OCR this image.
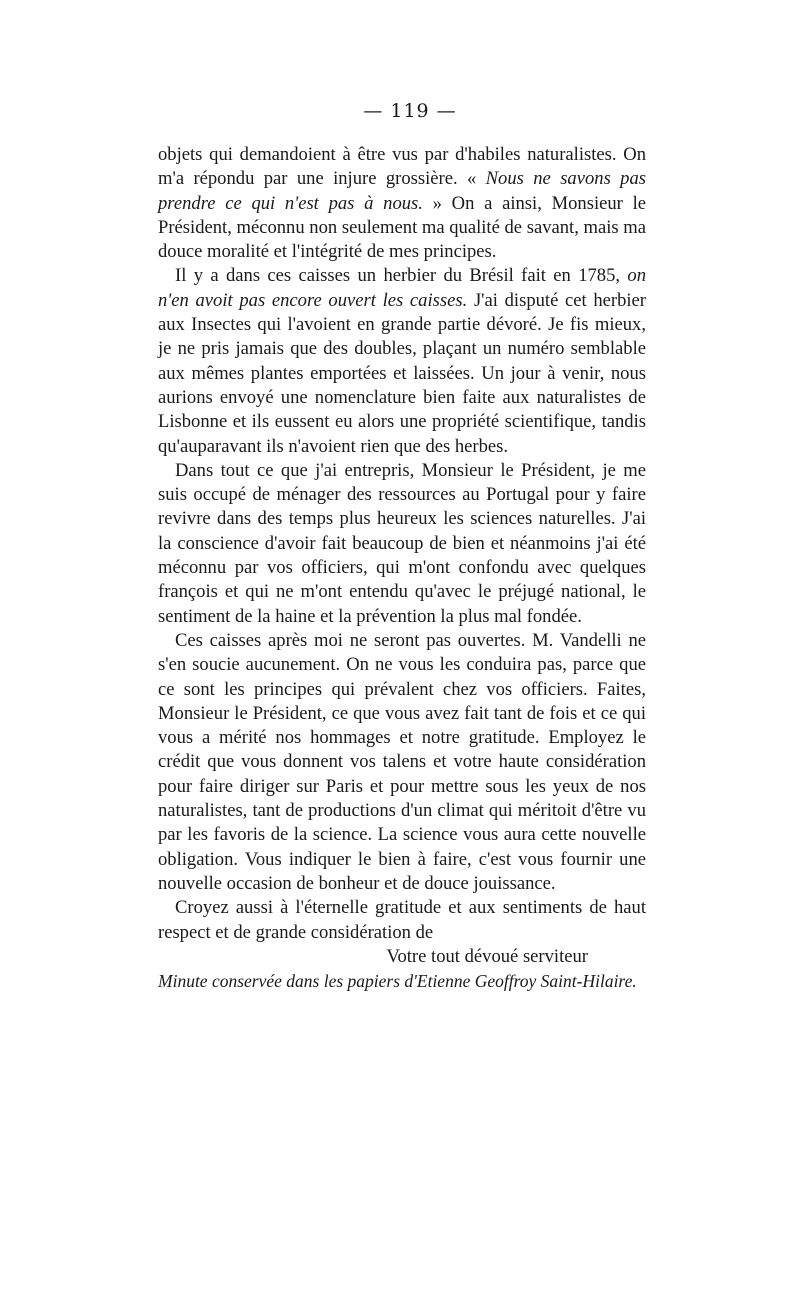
— 119 —

objets qui demandoient à être vus par d'habiles naturalistes. On m'a répondu par une injure grossière. « Nous ne savons pas prendre ce qui n'est pas à nous. » On a ainsi, Monsieur le Président, méconnu non seulement ma qualité de savant, mais ma douce moralité et l'intégrité de mes principes.

Il y a dans ces caisses un herbier du Brésil fait en 1785, on n'en avoit pas encore ouvert les caisses. J'ai disputé cet herbier aux Insectes qui l'avoient en grande partie dévoré. Je fis mieux, je ne pris jamais que des doubles, plaçant un numéro semblable aux mêmes plantes emportées et laissées. Un jour à venir, nous aurions envoyé une nomenclature bien faite aux naturalistes de Lisbonne et ils eussent eu alors une propriété scientifique, tandis qu'auparavant ils n'avoient rien que des herbes.

Dans tout ce que j'ai entrepris, Monsieur le Président, je me suis occupé de ménager des ressources au Portugal pour y faire revivre dans des temps plus heureux les sciences naturelles. J'ai la conscience d'avoir fait beaucoup de bien et néanmoins j'ai été méconnu par vos officiers, qui m'ont confondu avec quelques françois et qui ne m'ont entendu qu'avec le préjugé national, le sentiment de la haine et la prévention la plus mal fondée.

Ces caisses après moi ne seront pas ouvertes. M. Vandelli ne s'en soucie aucunement. On ne vous les conduira pas, parce que ce sont les principes qui prévalent chez vos officiers. Faites, Monsieur le Président, ce que vous avez fait tant de fois et ce qui vous a mérité nos hommages et notre gratitude. Employez le crédit que vous donnent vos talens et votre haute considération pour faire diriger sur Paris et pour mettre sous les yeux de nos naturalistes, tant de productions d'un climat qui méritoit d'être vu par les favoris de la science. La science vous aura cette nouvelle obligation. Vous indiquer le bien à faire, c'est vous fournir une nouvelle occasion de bonheur et de douce jouissance.

Croyez aussi à l'éternelle gratitude et aux sentiments de haut respect et de grande considération de

Votre tout dévoué serviteur

Minute conservée dans les papiers d'Etienne Geoffroy Saint-Hilaire.
